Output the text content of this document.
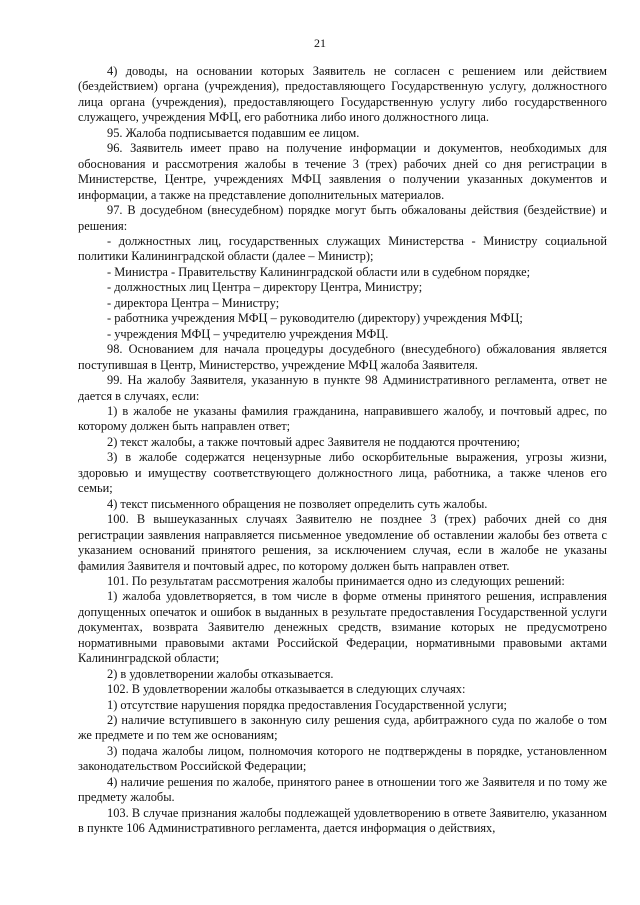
21

4) доводы, на основании которых Заявитель не согласен с решением или действием (бездействием) органа (учреждения), предоставляющего Государственную услугу, должностного лица органа (учреждения), предоставляющего Государственную услугу либо государственного служащего, учреждения МФЦ, его работника либо иного должностного лица.

95. Жалоба подписывается подавшим ее лицом.

96. Заявитель имеет право на получение информации и документов, необходимых для обоснования и рассмотрения жалобы в течение 3 (трех) рабочих дней со дня регистрации в Министерстве, Центре, учреждениях МФЦ заявления о получении указанных документов и информации, а также на представление дополнительных материалов.

97. В досудебном (внесудебном) порядке могут быть обжалованы действия (бездействие) и решения:

- должностных лиц, государственных служащих Министерства - Министру социальной политики Калининградской области (далее – Министр);

- Министра - Правительству Калининградской области или в судебном порядке;

- должностных лиц Центра – директору Центра, Министру;

- директора Центра – Министру;

- работника учреждения МФЦ – руководителю (директору) учреждения МФЦ;

- учреждения МФЦ – учредителю учреждения МФЦ.

98. Основанием для начала процедуры досудебного (внесудебного) обжалования является поступившая в Центр, Министерство, учреждение МФЦ жалоба Заявителя.

99. На жалобу Заявителя, указанную в пункте 98 Административного регламента, ответ не дается в случаях, если:

1) в жалобе не указаны фамилия гражданина, направившего жалобу, и почтовый адрес, по которому должен быть направлен ответ;

2) текст жалобы, а также почтовый адрес Заявителя не поддаются прочтению;

3) в жалобе содержатся нецензурные либо оскорбительные выражения, угрозы жизни, здоровью и имуществу соответствующего должностного лица, работника, а также членов его семьи;

4) текст письменного обращения не позволяет определить суть жалобы.

100. В вышеуказанных случаях Заявителю не позднее 3 (трех) рабочих дней со дня регистрации заявления направляется письменное уведомление об оставлении жалобы без ответа с указанием оснований принятого решения, за исключением случая, если в жалобе не указаны фамилия Заявителя и почтовый адрес, по которому должен быть направлен ответ.

101. По результатам рассмотрения жалобы принимается одно из следующих решений:

1) жалоба удовлетворяется, в том числе в форме отмены принятого решения, исправления допущенных опечаток и ошибок в выданных в результате предоставления Государственной услуги документах, возврата Заявителю денежных средств, взимание которых не предусмотрено нормативными правовыми актами Российской Федерации, нормативными правовыми актами Калининградской области;

2) в удовлетворении жалобы отказывается.

102. В удовлетворении жалобы отказывается в следующих случаях:

1) отсутствие нарушения порядка предоставления Государственной услуги;

2) наличие вступившего в законную силу решения суда, арбитражного суда по жалобе о том же предмете и по тем же основаниям;

3) подача жалобы лицом, полномочия которого не подтверждены в порядке, установленном законодательством Российской Федерации;

4) наличие решения по жалобе, принятого ранее в отношении того же Заявителя и по тому же предмету жалобы.

103. В случае признания жалобы подлежащей удовлетворению в ответе Заявителю, указанном в пункте 106 Административного регламента, дается информация о действиях,
